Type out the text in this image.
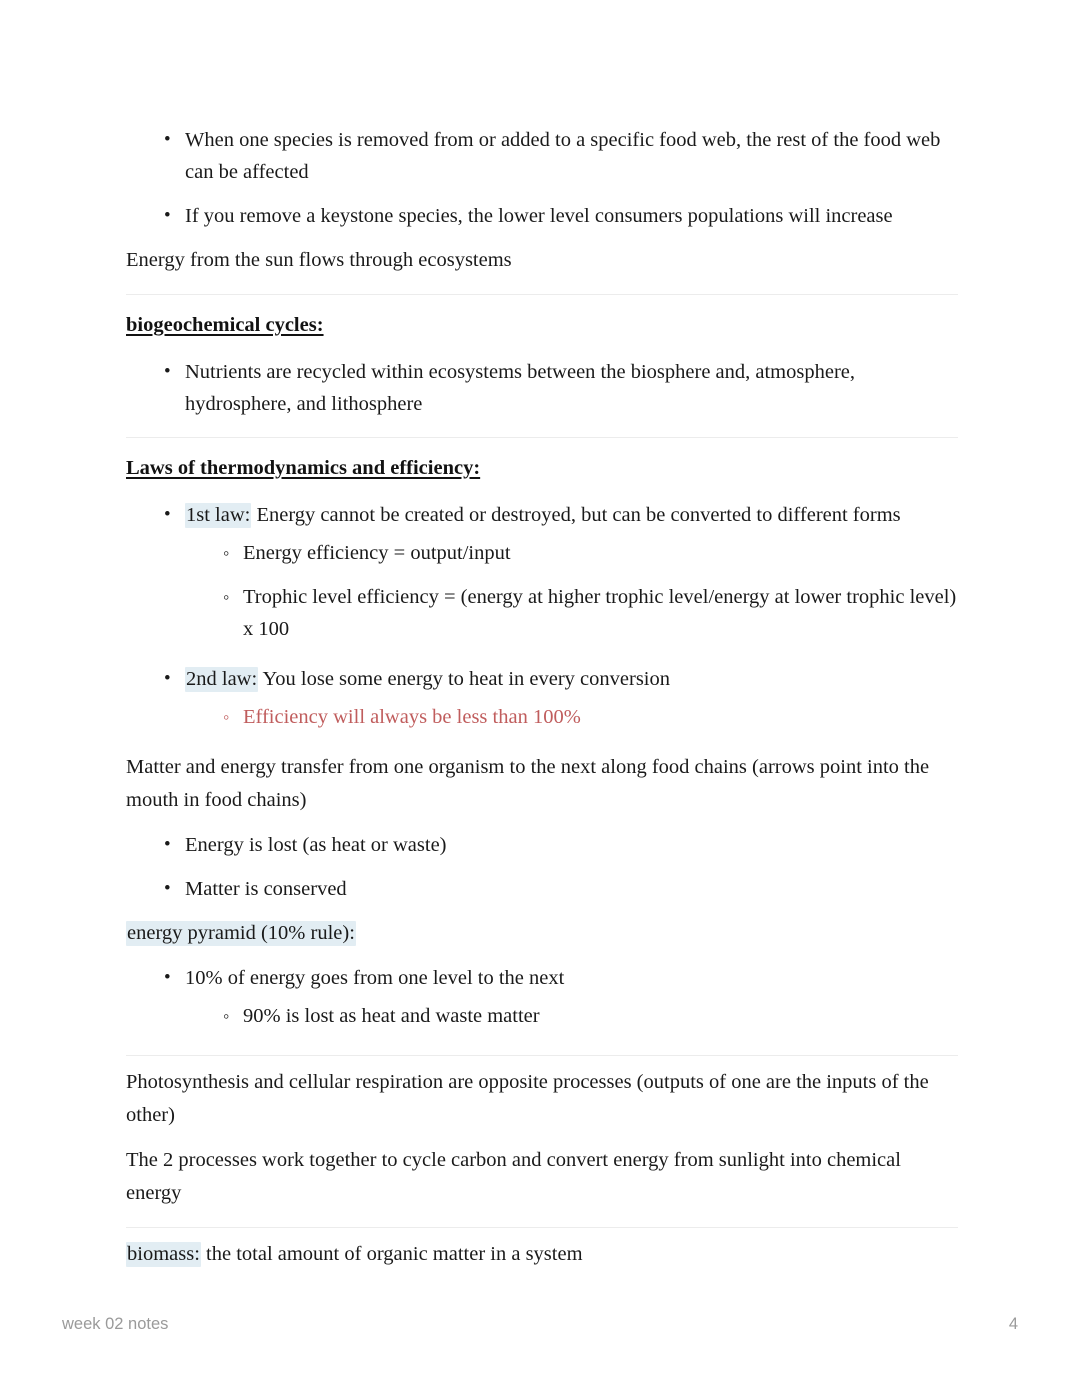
• When one species is removed from or added to a specific food web, the rest of the food web can be affected
• If you remove a keystone species, the lower level consumers populations will increase

Energy from the sun flows through ecosystems

biogeochemical cycles:
• Nutrients are recycled within ecosystems between the biosphere and, atmosphere, hydrosphere, and lithosphere
Laws of thermodynamics and efficiency:
• 1st law: Energy cannot be created or destroyed, but can be converted to different forms
◦ Energy efficiency = output/input
◦ Trophic level efficiency = (energy at higher trophic level/energy at lower trophic level) x 100
• 2nd law: You lose some energy to heat in every conversion
◦ Efficiency will always be less than 100%

Matter and energy transfer from one organism to the next along food chains (arrows point into the mouth in food chains)

• Energy is lost (as heat or waste)
• Matter is conserved

energy pyramid (10% rule):

• 10% of energy goes from one level to the next
◦ 90% is lost as heat and waste matter

Photosynthesis and cellular respiration are opposite processes (outputs of one are the inputs of the other)

The 2 processes work together to cycle carbon and convert energy from sunlight into chemical energy

biomass: the total amount of organic matter in a system

week 02 notes	4
